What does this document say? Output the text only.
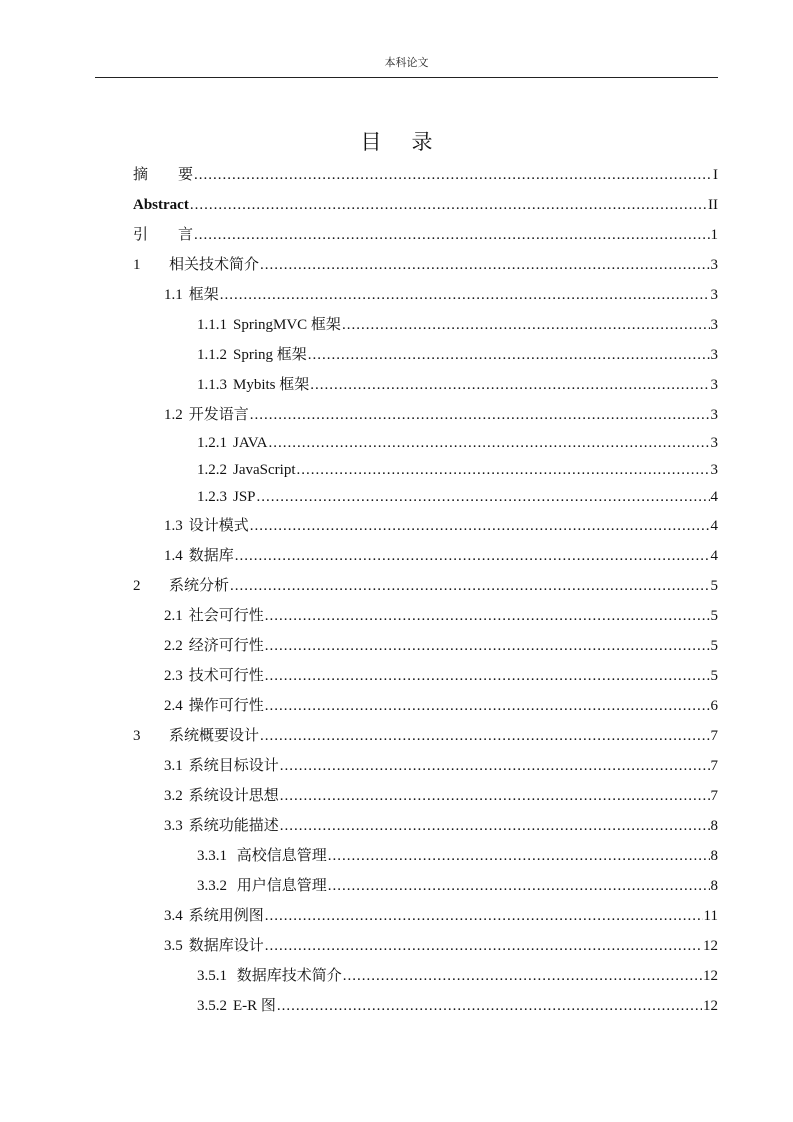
本科论文
目 录
摘　　要 .....	I
Abstract .....	II
引　　言 .....	1
1 相关技术简介 .....	3
1.1 框架 .....	3
1.1.1 SpringMVC 框架 .....	3
1.1.2 Spring 框架 .....	3
1.1.3 Mybits 框架 .....	3
1.2 开发语言 .....	3
1.2.1 JAVA .....	3
1.2.2 JavaScript .....	3
1.2.3 JSP .....	4
1.3 设计模式 .....	4
1.4 数据库 .....	4
2 系统分析 .....	5
2.1 社会可行性 .....	5
2.2 经济可行性 .....	5
2.3 技术可行性 .....	5
2.4 操作可行性 .....	6
3 系统概要设计 .....	7
3.1 系统目标设计 .....	7
3.2 系统设计思想 .....	7
3.3 系统功能描述 .....	8
3.3.1 高校信息管理 .....	8
3.3.2 用户信息管理 .....	8
3.4 系统用例图 .....	11
3.5 数据库设计 .....	12
3.5.1 数据库技术简介 .....	12
3.5.2 E-R 图 .....	12
